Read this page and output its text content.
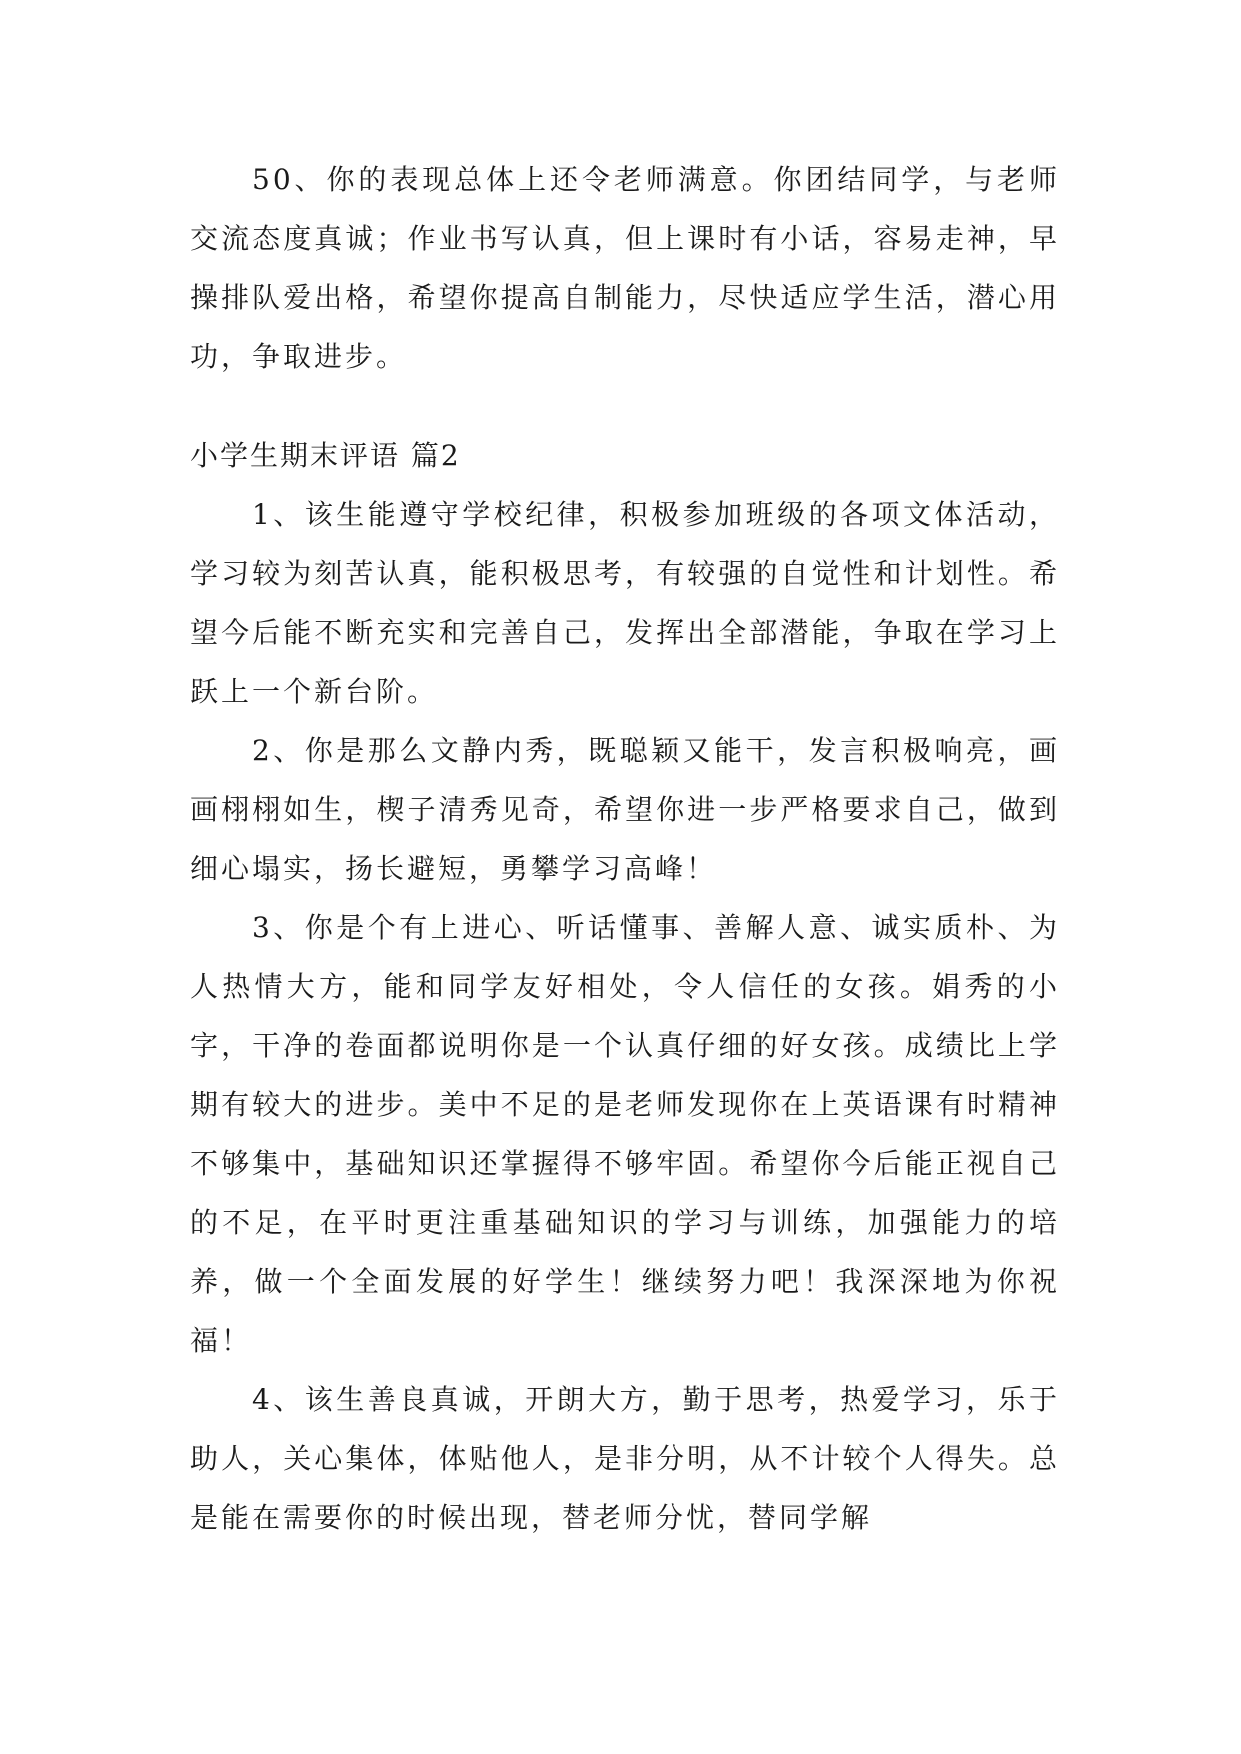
50、你的表现总体上还令老师满意。你团结同学，与老师交流态度真诚；作业书写认真，但上课时有小话，容易走神，早操排队爱出格，希望你提高自制能力，尽快适应学生活，潜心用功，争取进步。

小学生期末评语 篇2

1、该生能遵守学校纪律，积极参加班级的各项文体活动，学习较为刻苦认真，能积极思考，有较强的自觉性和计划性。希望今后能不断充实和完善自己，发挥出全部潜能，争取在学习上跃上一个新台阶。

2、你是那么文静内秀，既聪颖又能干，发言积极响亮，画画栩栩如生，楔子清秀见奇，希望你进一步严格要求自己，做到细心塌实，扬长避短，勇攀学习高峰！

3、你是个有上进心、听话懂事、善解人意、诚实质朴、为人热情大方，能和同学友好相处，令人信任的女孩。娟秀的小字，干净的卷面都说明你是一个认真仔细的好女孩。成绩比上学期有较大的进步。美中不足的是老师发现你在上英语课有时精神不够集中，基础知识还掌握得不够牢固。希望你今后能正视自己的不足，在平时更注重基础知识的学习与训练，加强能力的培养，做一个全面发展的好学生！继续努力吧！我深深地为你祝福！

4、该生善良真诚，开朗大方，勤于思考，热爱学习，乐于助人，关心集体，体贴他人，是非分明，从不计较个人得失。总是能在需要你的时候出现，替老师分忧，替同学解
